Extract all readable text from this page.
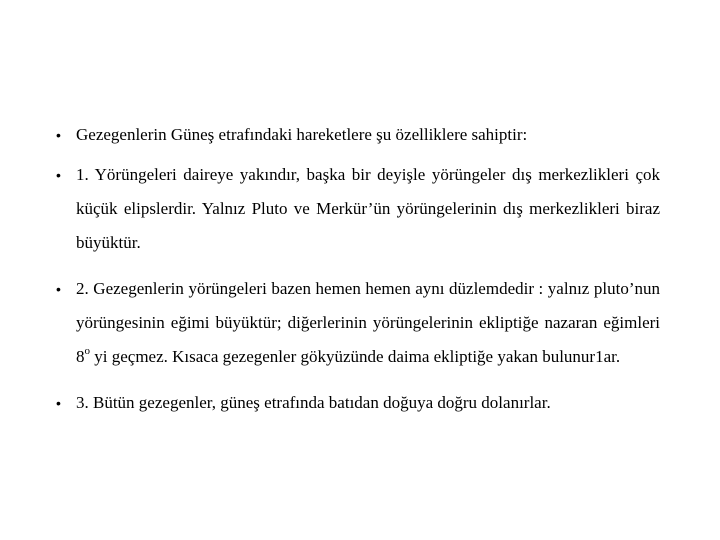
• Gezegenlerin Güneş etrafındaki hareketlere şu özelliklere sahiptir:
• 1. Yörüngeleri daireye yakındır, başka bir deyişle yörüngeler dış merkezlikleri çok küçük elipslerdir. Yalnız Pluto ve Merkür’ün yörüngelerinin dış merkezlikleri biraz büyüktür.
• 2. Gezegenlerin yörüngeleri bazen hemen hemen aynı düzlemdedir : yalnız pluto’nun yörüngesinin eğimi büyüktür; diğerlerinin yörüngelerinin ekliptiğe nazaran eğimleri 8$^o$ yi geçmez. Kısaca gezegenler gökyüzünde daima ekliptiğe yakan bulunur1ar.
• 3. Bütün gezegenler, güneş etrafında batıdan doğuya doğru dolanırlar.
